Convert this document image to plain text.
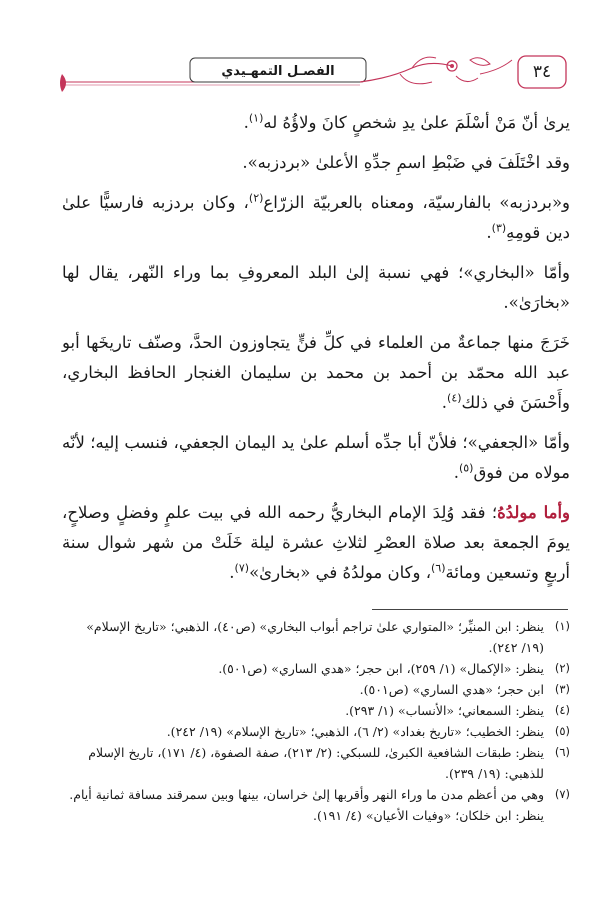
٣٤
الفصـل التمهـيدي

يرىٰ أنّ مَنْ أسْلَمَ علىٰ يدِ شخصٍ كانَ ولاؤُهُ له$^{(١)}$.

وقد اخْتَلَفَ في ضَبْطِ اسمِ جدِّهِ الأعلىٰ «بردزبه».

و«بردزبه» بالفارسيّة، ومعناه بالعربيّة الزرّاع$^{(٢)}$، وكان بردزبه فارسيًّا علىٰ دين قومِهِ$^{(٣)}$.

وأمّا «البخاري»؛ فهي نسبة إلىٰ البلد المعروفِ بما وراء النّهر، يقال لها «بخارَىٰ».

خَرَجَ منها جماعةٌ من العلماء في كلِّ فنٍّ يتجاوزون الحدَّ، وصنّف تاريخَها أبو عبد الله محمّد بن أحمد بن محمد بن سليمان الغنجار الحافظ البخاري، وأَحْسَنَ في ذلك$^{(٤)}$.

وأمّا «الجعفي»؛ فلأنّ أبا جدِّه أسلم علىٰ يد اليمان الجعفي، فنسب إليه؛ لأنّه مولاه من فوق$^{(٥)}$.

وأما مولدُهُ؛ فقد وُلِدَ الإمام البخاريُّ رحمه الله في بيت علمٍ وفضلٍ وصلاحٍ، يومَ الجمعة بعد صلاة العصْرِ لثلاثِ عشرة ليلة خَلَتْ من شهر شوال سنة أربعٍ وتسعين ومائة$^{(٦)}$، وكان مولدُهُ في «بخارىٰ»$^{(٧)}$.

(١)
ينظر: ابن المنيِّر؛ «المتواري علىٰ تراجم أبواب البخاري» (ص٤٠)، الذهبي؛ «تاريخ الإسلام» (١٩/ ٢٤٢).
(٢)
ينظر: «الإكمال» (١/ ٢٥٩)، ابن حجر؛ «هدي الساري» (ص٥٠١).
(٣)
ابن حجر؛ «هدي الساري» (ص٥٠١).
(٤)
ينظر: السمعاني؛ «الأنساب» (١/ ٢٩٣).
(٥)
ينظر: الخطيب؛ «تاريخ بغداد» (٢/ ٦)، الذهبي؛ «تاريخ الإسلام» (١٩/ ٢٤٢).
(٦)
ينظر: طبقات الشافعية الكبرىٰ، للسبكي: (٢/ ٢١٣)، صفة الصفوة، (٤/ ١٧١)، تاريخ الإسلام للذهبي: (١٩/ ٢٣٩).
(٧)
وهي من أعظم مدن ما وراء النهر وأقربها إلىٰ خراسان، بينها وبين سمرقند مسافة ثمانية أيام. ينظر: ابن خلكان؛ «وفيات الأعيان» (٤/ ١٩١).
